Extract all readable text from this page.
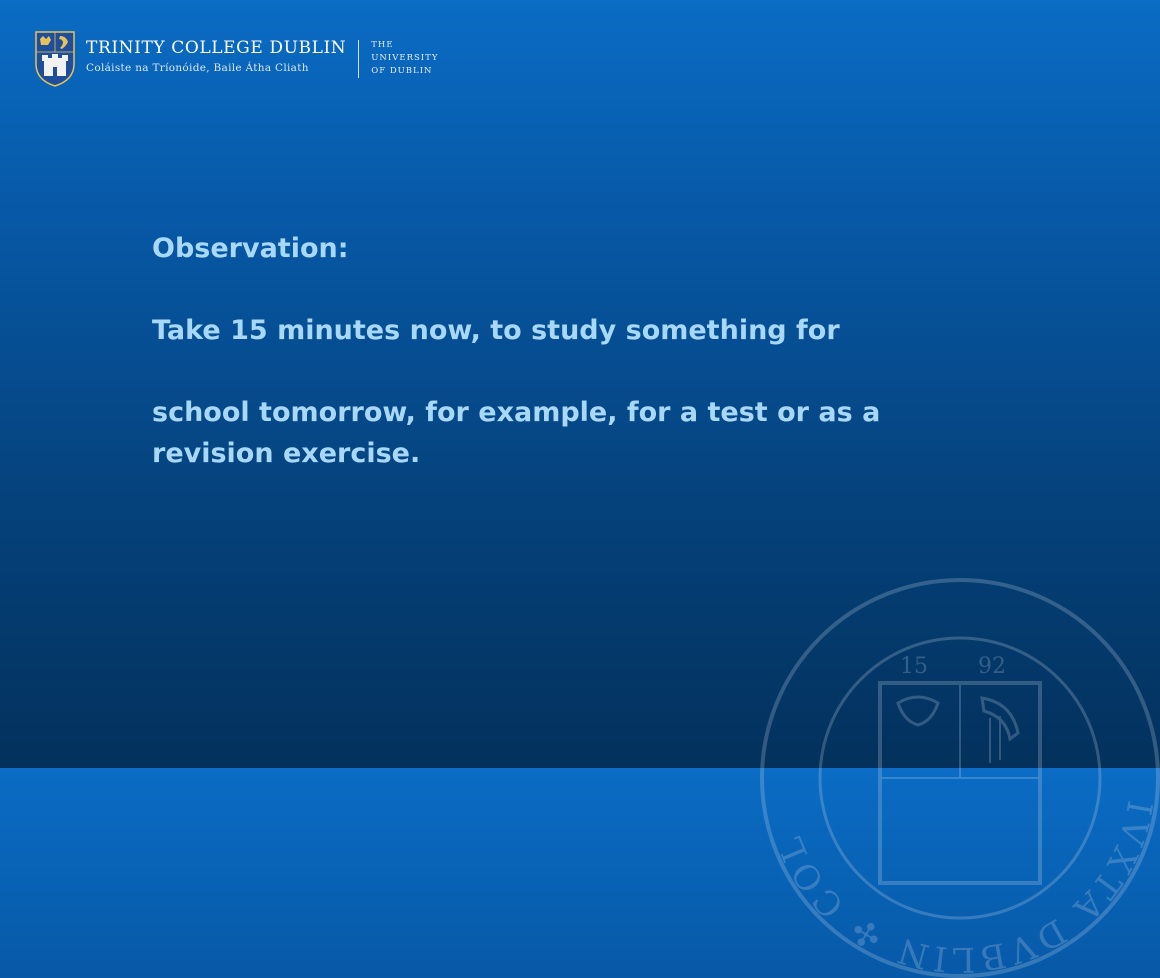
TRINITY COLLEGE DUBLIN
Coláiste na Tríonóide, Baile Átha Cliath
THE
UNIVERSITY
OF DUBLIN

Observation:

Take 15 minutes now, to study something for

school tomorrow, for example, for a test or as a revision exercise.

IVXTA DVBLIN ✣ COL
15 92
